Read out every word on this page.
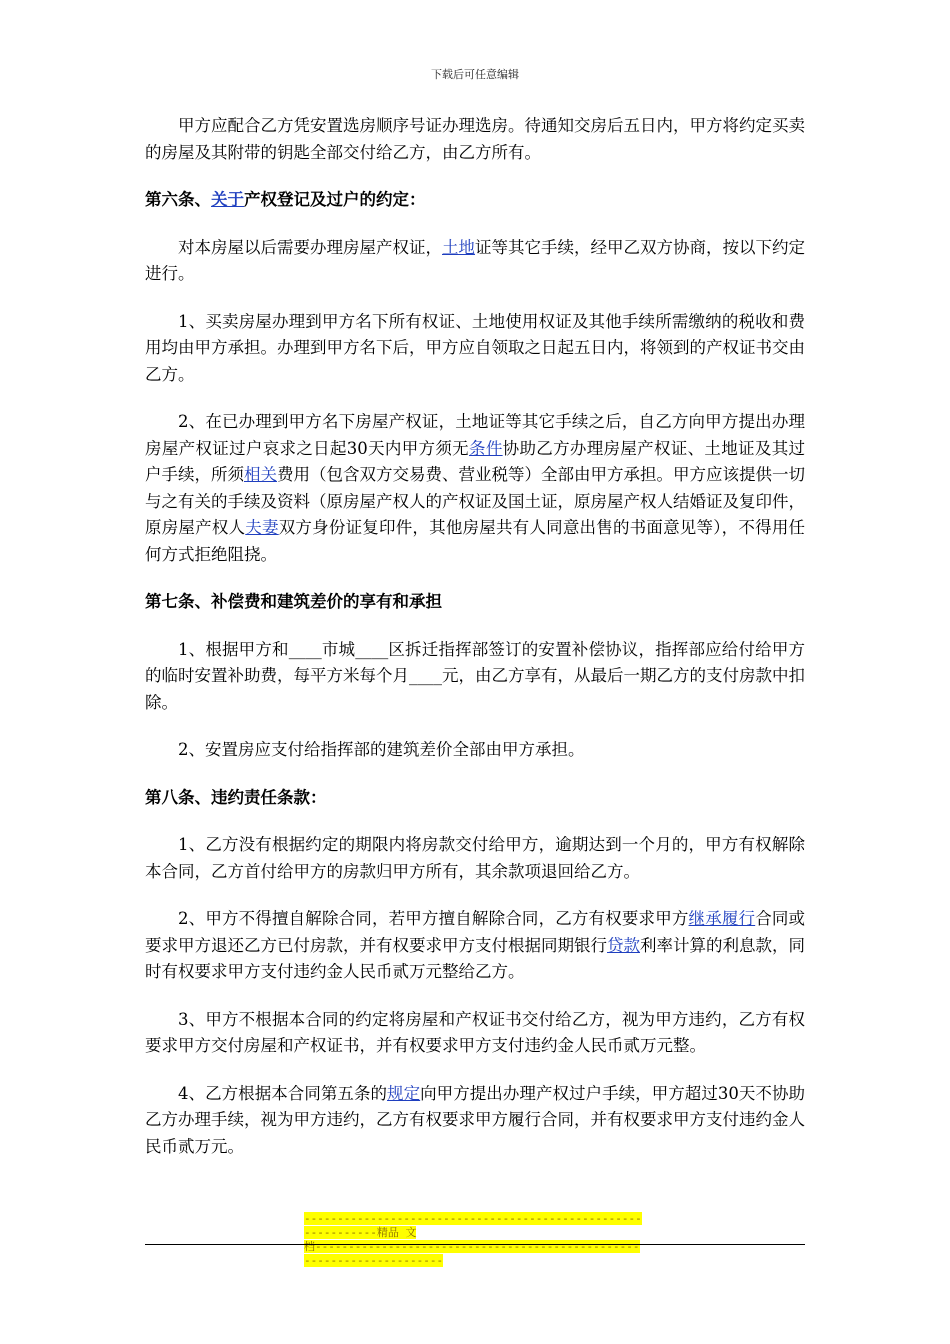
下载后可任意编辑

甲方应配合乙方凭安置选房顺序号证办理选房。待通知交房后五日内，甲方将约定买卖的房屋及其附带的钥匙全部交付给乙方，由乙方所有。

第六条、关于产权登记及过户的约定：

对本房屋以后需要办理房屋产权证，土地证等其它手续，经甲乙双方协商，按以下约定进行。

1、买卖房屋办理到甲方名下所有权证、土地使用权证及其他手续所需缴纳的税收和费用均由甲方承担。办理到甲方名下后，甲方应自领取之日起五日内，将领到的产权证书交由乙方。

2、在已办理到甲方名下房屋产权证，土地证等其它手续之后，自乙方向甲方提出办理房屋产权证过户哀求之日起30天内甲方须无条件协助乙方办理房屋产权证、土地证及其过户手续，所须相关费用（包含双方交易费、营业税等）全部由甲方承担。甲方应该提供一切与之有关的手续及资料（原房屋产权人的产权证及国土证，原房屋产权人结婚证及复印件，原房屋产权人夫妻双方身份证复印件，其他房屋共有人同意出售的书面意见等），不得用任何方式拒绝阻挠。

第七条、补偿费和建筑差价的享有和承担

1、根据甲方和____市城____区拆迁指挥部签订的安置补偿协议，指挥部应给付给甲方的临时安置补助费，每平方米每个月____元，由乙方享有，从最后一期乙方的支付房款中扣除。

2、安置房应支付给指挥部的建筑差价全部由甲方承担。

第八条、违约责任条款：

1、乙方没有根据约定的期限内将房款交付给甲方，逾期达到一个月的，甲方有权解除本合同，乙方首付给甲方的房款归甲方所有，其余款项退回给乙方。

2、甲方不得擅自解除合同，若甲方擅自解除合同，乙方有权要求甲方继承履行合同或要求甲方退还乙方已付房款，并有权要求甲方支付根据同期银行贷款利率计算的利息款，同时有权要求甲方支付违约金人民币贰万元整给乙方。

3、甲方不根据本合同的约定将房屋和产权证书交付给乙方，视为甲方违约，乙方有权要求甲方交付房屋和产权证书，并有权要求甲方支付违约金人民币贰万元整。

4、乙方根据本合同第五条的规定向甲方提出办理产权过户手续，甲方超过30天不协助乙方办理手续，视为甲方违约，乙方有权要求甲方履行合同，并有权要求甲方支付违约金人民币贰万元。

--------------------------------------------------------------精品 文
档----------------------------------------------------------------------
